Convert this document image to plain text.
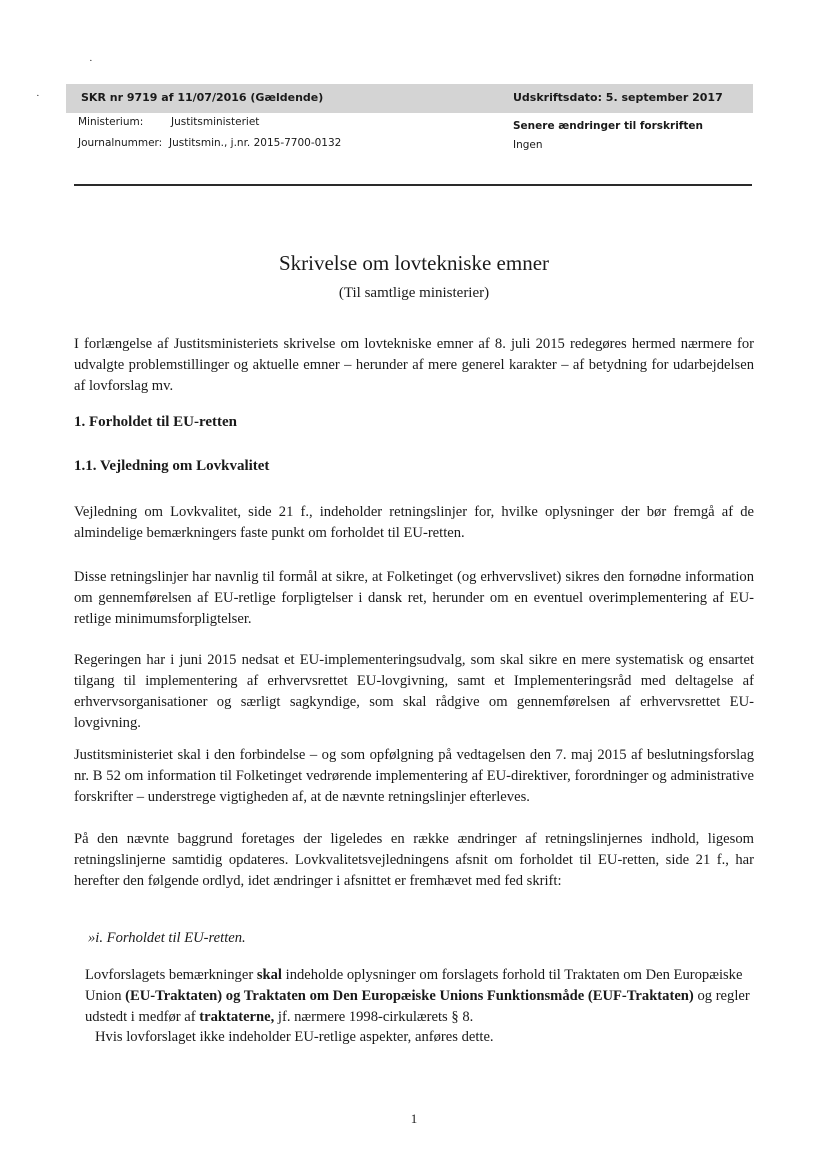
·
·	SKR nr 9719 af 11/07/2016 (Gældende)	Udskriftsdato: 5. september 2017
Ministerium:	Justitsministeriet
Journalnummer: Justitsmin., j.nr. 2015-7700-0132
Senere ændringer til forskriften
Ingen
Skrivelse om lovtekniske emner
(Til samtlige ministerier)
I forlængelse af Justitsministeriets skrivelse om lovtekniske emner af 8. juli 2015 redegøres hermed nærmere for udvalgte problemstillinger og aktuelle emner – herunder af mere generel karakter – af betydning for udarbejdelsen af lovforslag mv.
1. Forholdet til EU-retten
1.1. Vejledning om Lovkvalitet
Vejledning om Lovkvalitet, side 21 f., indeholder retningslinjer for, hvilke oplysninger der bør fremgå af de almindelige bemærkningers faste punkt om forholdet til EU-retten.
Disse retningslinjer har navnlig til formål at sikre, at Folketinget (og erhvervslivet) sikres den fornødne information om gennemførelsen af EU-retlige forpligtelser i dansk ret, herunder om en eventuel overimplementering af EU-retlige minimumsforpligtelser.
Regeringen har i juni 2015 nedsat et EU-implementeringsudvalg, som skal sikre en mere systematisk og ensartet tilgang til implementering af erhvervsrettet EU-lovgivning, samt et Implementeringsråd med deltagelse af erhvervsorganisationer og særligt sagkyndige, som skal rådgive om gennemførelsen af erhvervsrettet EU-lovgivning.
Justitsministeriet skal i den forbindelse – og som opfølgning på vedtagelsen den 7. maj 2015 af beslutningsforslag nr. B 52 om information til Folketinget vedrørende implementering af EU-direktiver, forordninger og administrative forskrifter – understrege vigtigheden af, at de nævnte retningslinjer efterleves.
På den nævnte baggrund foretages der ligeledes en række ændringer af retningslinjernes indhold, ligesom retningslinjerne samtidig opdateres. Lovkvalitetsvejledningens afsnit om forholdet til EU-retten, side 21 f., har herefter den følgende ordlyd, idet ændringer i afsnittet er fremhævet med fed skrift:
»i. Forholdet til EU-retten.
Lovforslagets bemærkninger skal indeholde oplysninger om forslagets forhold til Traktaten om Den Europæiske Union (EU-Traktaten) og Traktaten om Den Europæiske Unions Funktionsmåde (EUF-Traktaten) og regler udstedt i medfør af traktaterne, jf. nærmere 1998-cirkulærets § 8.
Hvis lovforslaget ikke indeholder EU-retlige aspekter, anføres dette.
1
